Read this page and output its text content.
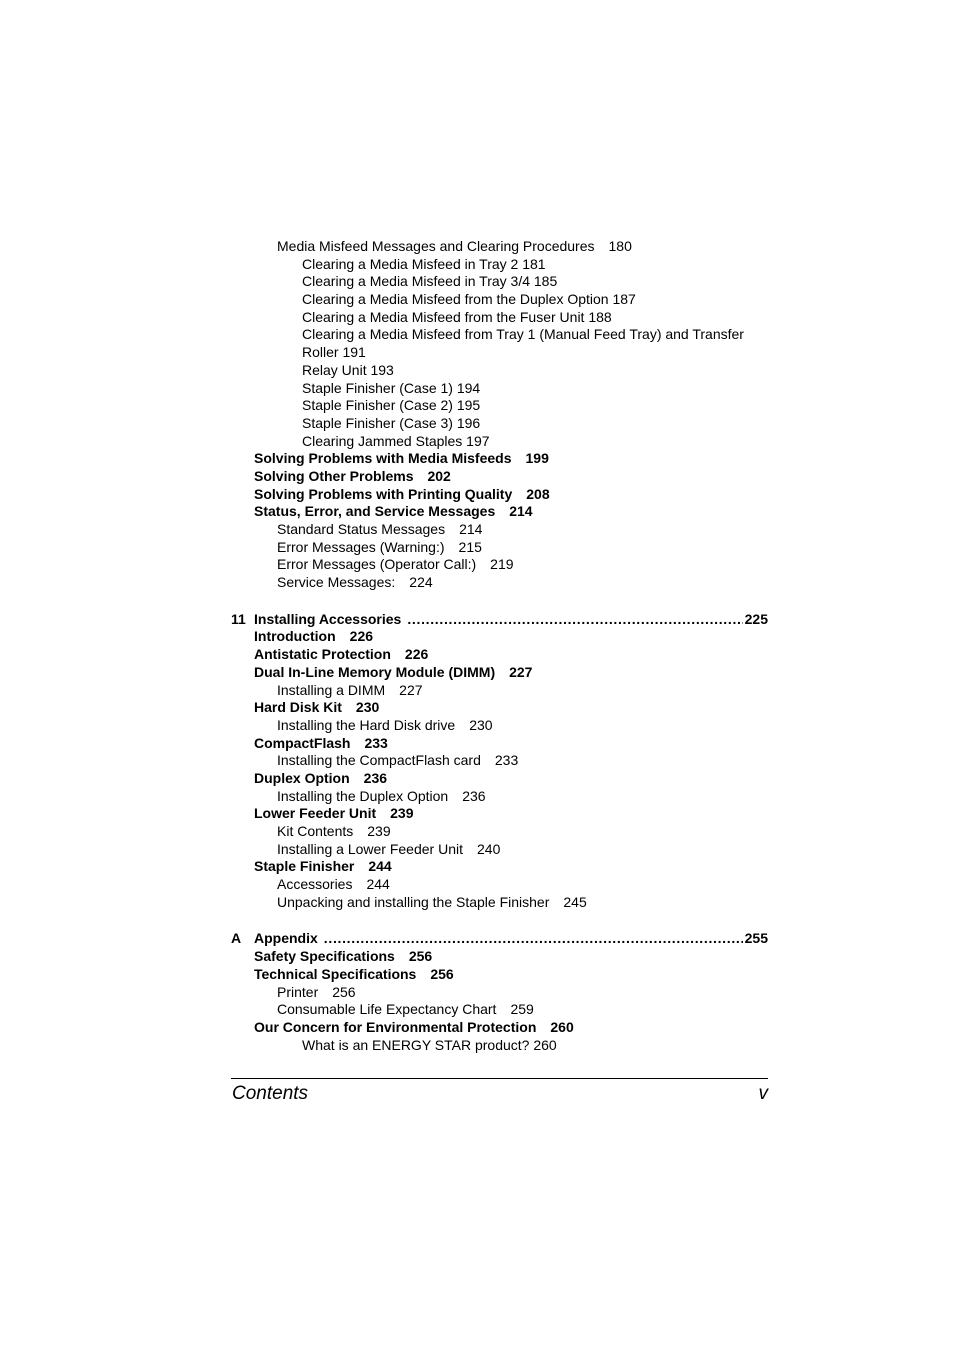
Media Misfeed Messages and Clearing Procedures 180
Clearing a Media Misfeed in Tray 2 181
Clearing a Media Misfeed in Tray 3/4 185
Clearing a Media Misfeed from the Duplex Option 187
Clearing a Media Misfeed from the Fuser Unit 188
Clearing a Media Misfeed from Tray 1 (Manual Feed Tray) and Transfer
Roller 191
Relay Unit 193
Staple Finisher (Case 1) 194
Staple Finisher (Case 2) 195
Staple Finisher (Case 3) 196
Clearing Jammed Staples 197
Solving Problems with Media Misfeeds 199
Solving Other Problems 202
Solving Problems with Printing Quality 208
Status, Error, and Service Messages 214
Standard Status Messages 214
Error Messages (Warning:) 215
Error Messages (Operator Call:) 219
Service Messages: 224
11 Installing Accessories . . .	225
Introduction 226
Antistatic Protection 226
Dual In-Line Memory Module (DIMM) 227
Installing a DIMM 227
Hard Disk Kit 230
Installing the Hard Disk drive 230
CompactFlash 233
Installing the CompactFlash card 233
Duplex Option 236
Installing the Duplex Option 236
Lower Feeder Unit 239
Kit Contents 239
Installing a Lower Feeder Unit 240
Staple Finisher 244
Accessories 244
Unpacking and installing the Staple Finisher 245
A Appendix . . .	255
Safety Specifications 256
Technical Specifications 256
Printer 256
Consumable Life Expectancy Chart 259
Our Concern for Environmental Protection 260
What is an ENERGY STAR product? 260
Contents	v
